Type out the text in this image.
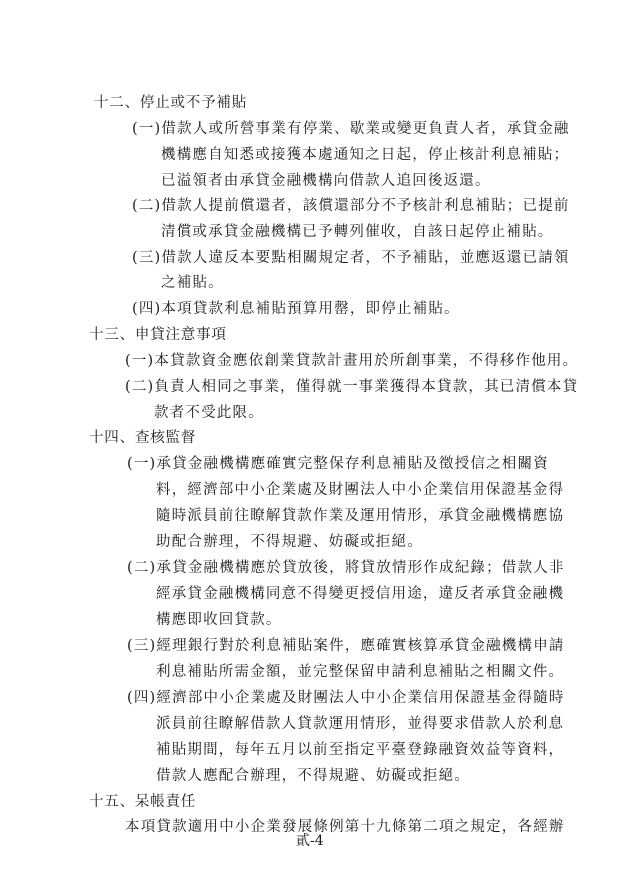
十二、停止或不予補貼
(一)借款人或所營事業有停業、歇業或變更負責人者，承貸金融
機構應自知悉或接獲本處通知之日起，停止核計利息補貼；
已溢領者由承貸金融機構向借款人追回後返還。
(二)借款人提前償還者，該償還部分不予核計利息補貼；已提前
清償或承貸金融機構已予轉列催收，自該日起停止補貼。
(三)借款人違反本要點相關規定者，不予補貼，並應返還已請領
之補貼。
(四)本項貸款利息補貼預算用罄，即停止補貼。
十三、申貸注意事項
(一)本貸款資金應依創業貸款計畫用於所創事業，不得移作他用。
(二)負責人相同之事業，僅得就一事業獲得本貸款，其已清償本貸
款者不受此限。
十四、查核監督
(一)承貸金融機構應確實完整保存利息補貼及徵授信之相關資
料，經濟部中小企業處及財團法人中小企業信用保證基金得
隨時派員前往瞭解貸款作業及運用情形，承貸金融機構應協
助配合辦理，不得規避、妨礙或拒絕。
(二)承貸金融機構應於貸放後，將貸放情形作成紀錄；借款人非
經承貸金融機構同意不得變更授信用途，違反者承貸金融機
構應即收回貸款。
(三)經理銀行對於利息補貼案件，應確實核算承貸金融機構申請
利息補貼所需金額，並完整保留申請利息補貼之相關文件。
(四)經濟部中小企業處及財團法人中小企業信用保證基金得隨時
派員前往瞭解借款人貸款運用情形，並得要求借款人於利息
補貼期間，每年五月以前至指定平臺登錄融資效益等資料，
借款人應配合辦理，不得規避、妨礙或拒絕。
十五、呆帳責任
本項貸款適用中小企業發展條例第十九條第二項之規定，各經辦
貳-4
